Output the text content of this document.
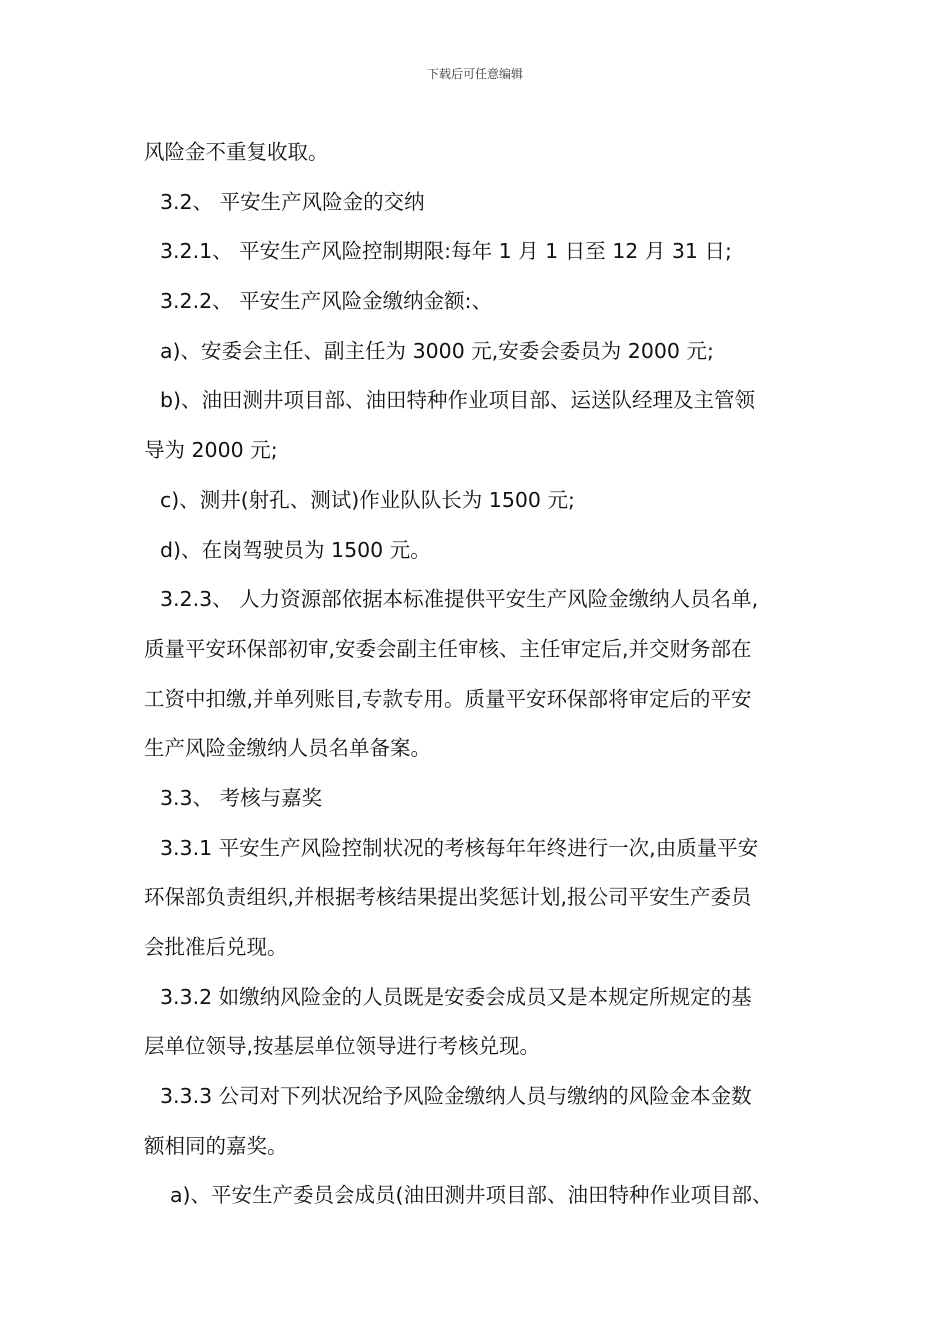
下载后可任意编辑
风险金不重复收取。
3.2、 平安生产风险金的交纳
3.2.1、 平安生产风险控制期限:每年 1 月 1 日至 12 月 31 日;
3.2.2、 平安生产风险金缴纳金额:、
a)、安委会主任、副主任为 3000 元,安委会委员为 2000 元;
b)、油田测井项目部、油田特种作业项目部、运送队经理及主管领
导为 2000 元;
c)、测井(射孔、测试)作业队队长为 1500 元;
d)、在岗驾驶员为 1500 元。
3.2.3、 人力资源部依据本标准提供平安生产风险金缴纳人员名单,
质量平安环保部初审,安委会副主任审核、主任审定后,并交财务部在
工资中扣缴,并单列账目,专款专用。质量平安环保部将审定后的平安
生产风险金缴纳人员名单备案。
3.3、 考核与嘉奖
3.3.1 平安生产风险控制状况的考核每年年终进行一次,由质量平安
环保部负责组织,并根据考核结果提出奖惩计划,报公司平安生产委员
会批准后兑现。
3.3.2 如缴纳风险金的人员既是安委会成员又是本规定所规定的基
层单位领导,按基层单位领导进行考核兑现。
3.3.3 公司对下列状况给予风险金缴纳人员与缴纳的风险金本金数
额相同的嘉奖。
a)、平安生产委员会成员(油田测井项目部、油田特种作业项目部、
